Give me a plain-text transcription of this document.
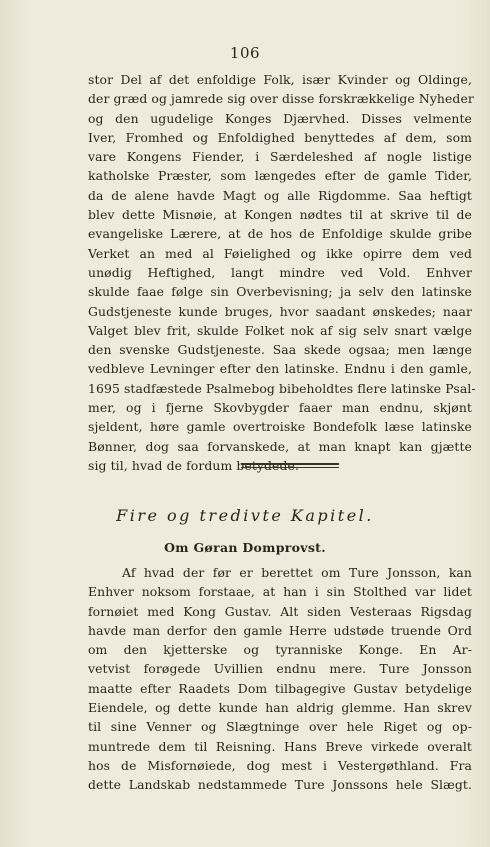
106
stor Del af det enfoldige Folk, især Kvinder og Oldinge,
der græd og jamrede sig over disse forskrækkelige Nyheder
og den ugudelige Konges Djærvhed. Disses velmente
Iver, Fromhed og Enfoldighed benyttedes af dem, som
vare Kongens Fiender, i Særdeleshed af nogle listige
katholske Præster, som længedes efter de gamle Tider,
da de alene havde Magt og alle Rigdomme. Saa heftigt
blev dette Misnøie, at Kongen nødtes til at skrive til de
evangeliske Lærere, at de hos de Enfoldige skulde gribe
Verket an med al Føielighed og ikke opirre dem ved
unødig Heftighed, langt mindre ved Vold. Enhver
skulde faae følge sin Overbevisning; ja selv den latinske
Gudstjeneste kunde bruges, hvor saadant ønskedes; naar
Valget blev frit, skulde Folket nok af sig selv snart vælge
den svenske Gudstjeneste. Saa skede ogsaa; men længe
vedbleve Levninger efter den latinske. Endnu i den gamle,
1695 stadfæstede Psalmebog bibeholdtes flere latinske Psal-
mer, og i fjerne Skovbygder faaer man endnu, skjønt
sjeldent, høre gamle overtroiske Bondefolk læse latinske
Bønner, dog saa forvanskede, at man knapt kan gjætte
sig til, hvad de fordum betydede.
Fire og tredivte Kapitel.
Om Gøran Domprovst.
Af hvad der før er berettet om Ture Jonsson, kan
Enhver noksom forstaae, at han i sin Stolthed var lidet
fornøiet med Kong Gustav. Alt siden Vesteraas Rigsdag
havde man derfor den gamle Herre udstøde truende Ord
om den kjetterske og tyranniske Konge. En Ar-
vetvist forøgede Uvillien endnu mere. Ture Jonsson
maatte efter Raadets Dom tilbagegive Gustav betydelige
Eiendele, og dette kunde han aldrig glemme. Han skrev
til sine Venner og Slægtninge over hele Riget og op-
muntrede dem til Reisning. Hans Breve virkede overalt
hos de Misfornøiede, dog mest i Vestergøthland. Fra
dette Landskab nedstammede Ture Jonssons hele Slægt.
